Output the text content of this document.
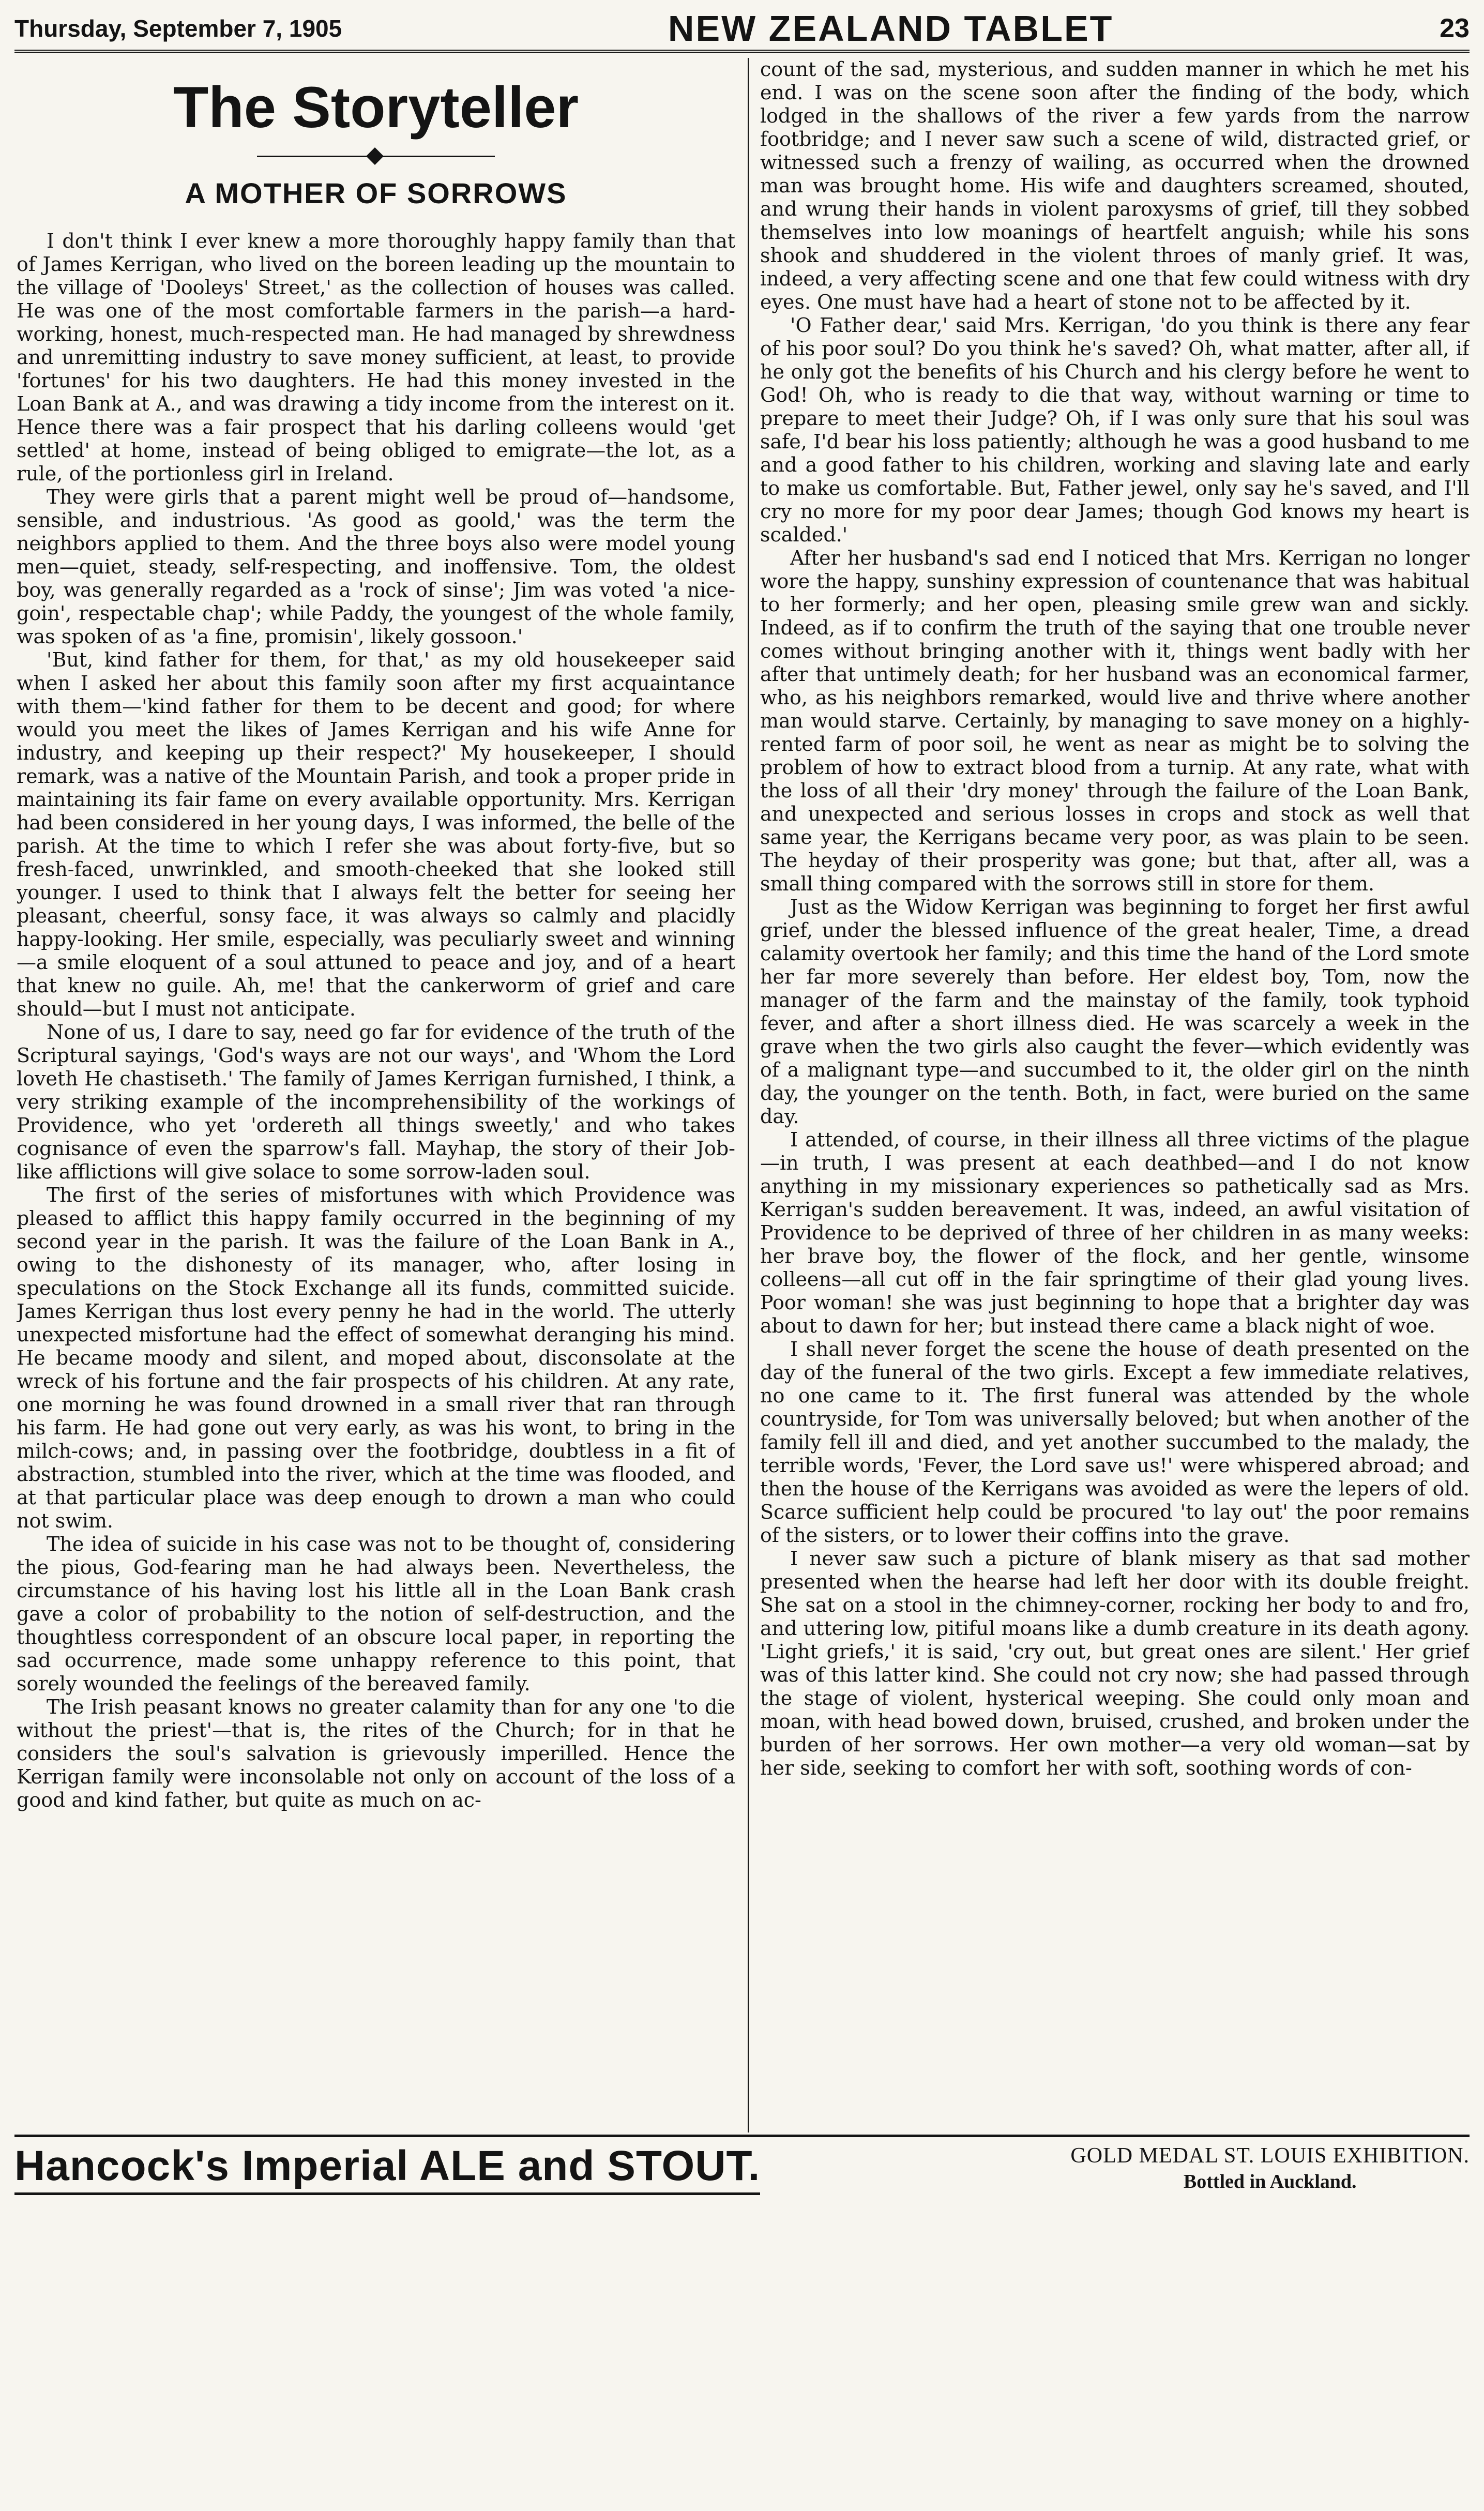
Thursday, September 7, 1905	NEW ZEALAND TABLET	23
The Storyteller
A MOTHER OF SORROWS

I don't think I ever knew a more thoroughly happy family than that of James Kerrigan, who lived on the boreen leading up the mountain to the village of 'Dooleys' Street,' as the collection of houses was called. He was one of the most comfortable farmers in the parish—a hard-working, honest, much-respected man. He had managed by shrewdness and unremitting industry to save money sufficient, at least, to provide 'fortunes' for his two daughters. He had this money invested in the Loan Bank at A., and was drawing a tidy income from the interest on it. Hence there was a fair prospect that his darling colleens would 'get settled' at home, instead of being obliged to emigrate—the lot, as a rule, of the portionless girl in Ireland.

They were girls that a parent might well be proud of—handsome, sensible, and industrious. 'As good as goold,' was the term the neighbors applied to them. And the three boys also were model young men—quiet, steady, self-respecting, and inoffensive. Tom, the oldest boy, was generally regarded as a 'rock of sinse'; Jim was voted 'a nice-goin', respectable chap'; while Paddy, the youngest of the whole family, was spoken of as 'a fine, promisin', likely gossoon.'

'But, kind father for them, for that,' as my old housekeeper said when I asked her about this family soon after my first acquaintance with them—'kind father for them to be decent and good; for where would you meet the likes of James Kerrigan and his wife Anne for industry, and keeping up their respect?' My housekeeper, I should remark, was a native of the Mountain Parish, and took a proper pride in maintaining its fair fame on every available opportunity. Mrs. Kerrigan had been considered in her young days, I was informed, the belle of the parish. At the time to which I refer she was about forty-five, but so fresh-faced, unwrinkled, and smooth-cheeked that she looked still younger. I used to think that I always felt the better for seeing her pleasant, cheerful, sonsy face, it was always so calmly and placidly happy-looking. Her smile, especially, was peculiarly sweet and winning—a smile eloquent of a soul attuned to peace and joy, and of a heart that knew no guile. Ah, me! that the cankerworm of grief and care should—but I must not anticipate.

None of us, I dare to say, need go far for evidence of the truth of the Scriptural sayings, 'God's ways are not our ways', and 'Whom the Lord loveth He chastiseth.' The family of James Kerrigan furnished, I think, a very striking example of the incomprehensibility of the workings of Providence, who yet 'ordereth all things sweetly,' and who takes cognisance of even the sparrow's fall. Mayhap, the story of their Job-like afflictions will give solace to some sorrow-laden soul.

The first of the series of misfortunes with which Providence was pleased to afflict this happy family occurred in the beginning of my second year in the parish. It was the failure of the Loan Bank in A., owing to the dishonesty of its manager, who, after losing in speculations on the Stock Exchange all its funds, committed suicide. James Kerrigan thus lost every penny he had in the world. The utterly unexpected misfortune had the effect of somewhat deranging his mind. He became moody and silent, and moped about, disconsolate at the wreck of his fortune and the fair prospects of his children. At any rate, one morning he was found drowned in a small river that ran through his farm. He had gone out very early, as was his wont, to bring in the milch-cows; and, in passing over the footbridge, doubtless in a fit of abstraction, stumbled into the river, which at the time was flooded, and at that particular place was deep enough to drown a man who could not swim.

The idea of suicide in his case was not to be thought of, considering the pious, God-fearing man he had always been. Nevertheless, the circumstance of his having lost his little all in the Loan Bank crash gave a color of probability to the notion of self-destruction, and the thoughtless correspondent of an obscure local paper, in reporting the sad occurrence, made some unhappy reference to this point, that sorely wounded the feelings of the bereaved family.

The Irish peasant knows no greater calamity than for any one 'to die without the priest'—that is, the rites of the Church; for in that he considers the soul's salvation is grievously imperilled. Hence the Kerrigan family were inconsolable not only on account of the loss of a good and kind father, but quite as much on ac-

count of the sad, mysterious, and sudden manner in which he met his end. I was on the scene soon after the finding of the body, which lodged in the shallows of the river a few yards from the narrow footbridge; and I never saw such a scene of wild, distracted grief, or witnessed such a frenzy of wailing, as occurred when the drowned man was brought home. His wife and daughters screamed, shouted, and wrung their hands in violent paroxysms of grief, till they sobbed themselves into low moanings of heartfelt anguish; while his sons shook and shuddered in the violent throes of manly grief. It was, indeed, a very affecting scene and one that few could witness with dry eyes. One must have had a heart of stone not to be affected by it.

'O Father dear,' said Mrs. Kerrigan, 'do you think is there any fear of his poor soul? Do you think he's saved? Oh, what matter, after all, if he only got the benefits of his Church and his clergy before he went to God! Oh, who is ready to die that way, without warning or time to prepare to meet their Judge? Oh, if I was only sure that his soul was safe, I'd bear his loss patiently; although he was a good husband to me and a good father to his children, working and slaving late and early to make us comfortable. But, Father jewel, only say he's saved, and I'll cry no more for my poor dear James; though God knows my heart is scalded.'

After her husband's sad end I noticed that Mrs. Kerrigan no longer wore the happy, sunshiny expression of countenance that was habitual to her formerly; and her open, pleasing smile grew wan and sickly. Indeed, as if to confirm the truth of the saying that one trouble never comes without bringing another with it, things went badly with her after that untimely death; for her husband was an economical farmer, who, as his neighbors remarked, would live and thrive where another man would starve. Certainly, by managing to save money on a highly-rented farm of poor soil, he went as near as might be to solving the problem of how to extract blood from a turnip. At any rate, what with the loss of all their 'dry money' through the failure of the Loan Bank, and unexpected and serious losses in crops and stock as well that same year, the Kerrigans became very poor, as was plain to be seen. The heyday of their prosperity was gone; but that, after all, was a small thing compared with the sorrows still in store for them.

Just as the Widow Kerrigan was beginning to forget her first awful grief, under the blessed influence of the great healer, Time, a dread calamity overtook her family; and this time the hand of the Lord smote her far more severely than before. Her eldest boy, Tom, now the manager of the farm and the mainstay of the family, took typhoid fever, and after a short illness died. He was scarcely a week in the grave when the two girls also caught the fever—which evidently was of a malignant type—and succumbed to it, the older girl on the ninth day, the younger on the tenth. Both, in fact, were buried on the same day.

I attended, of course, in their illness all three victims of the plague—in truth, I was present at each deathbed—and I do not know anything in my missionary experiences so pathetically sad as Mrs. Kerrigan's sudden bereavement. It was, indeed, an awful visitation of Providence to be deprived of three of her children in as many weeks: her brave boy, the flower of the flock, and her gentle, winsome colleens—all cut off in the fair springtime of their glad young lives. Poor woman! she was just beginning to hope that a brighter day was about to dawn for her; but instead there came a black night of woe.

I shall never forget the scene the house of death presented on the day of the funeral of the two girls. Except a few immediate relatives, no one came to it. The first funeral was attended by the whole countryside, for Tom was universally beloved; but when another of the family fell ill and died, and yet another succumbed to the malady, the terrible words, 'Fever, the Lord save us!' were whispered abroad; and then the house of the Kerrigans was avoided as were the lepers of old. Scarce sufficient help could be procured 'to lay out' the poor remains of the sisters, or to lower their coffins into the grave.

I never saw such a picture of blank misery as that sad mother presented when the hearse had left her door with its double freight. She sat on a stool in the chimney-corner, rocking her body to and fro, and uttering low, pitiful moans like a dumb creature in its death agony. 'Light griefs,' it is said, 'cry out, but great ones are silent.' Her grief was of this latter kind. She could not cry now; she had passed through the stage of violent, hysterical weeping. She could only moan and moan, with head bowed down, bruised, crushed, and broken under the burden of her sorrows. Her own mother—a very old woman—sat by her side, seeking to comfort her with soft, soothing words of con-

Hancock's Imperial ALE and STOUT.	GOLD MEDAL ST. LOUIS EXHIBITION.
Bottled in Auckland.
